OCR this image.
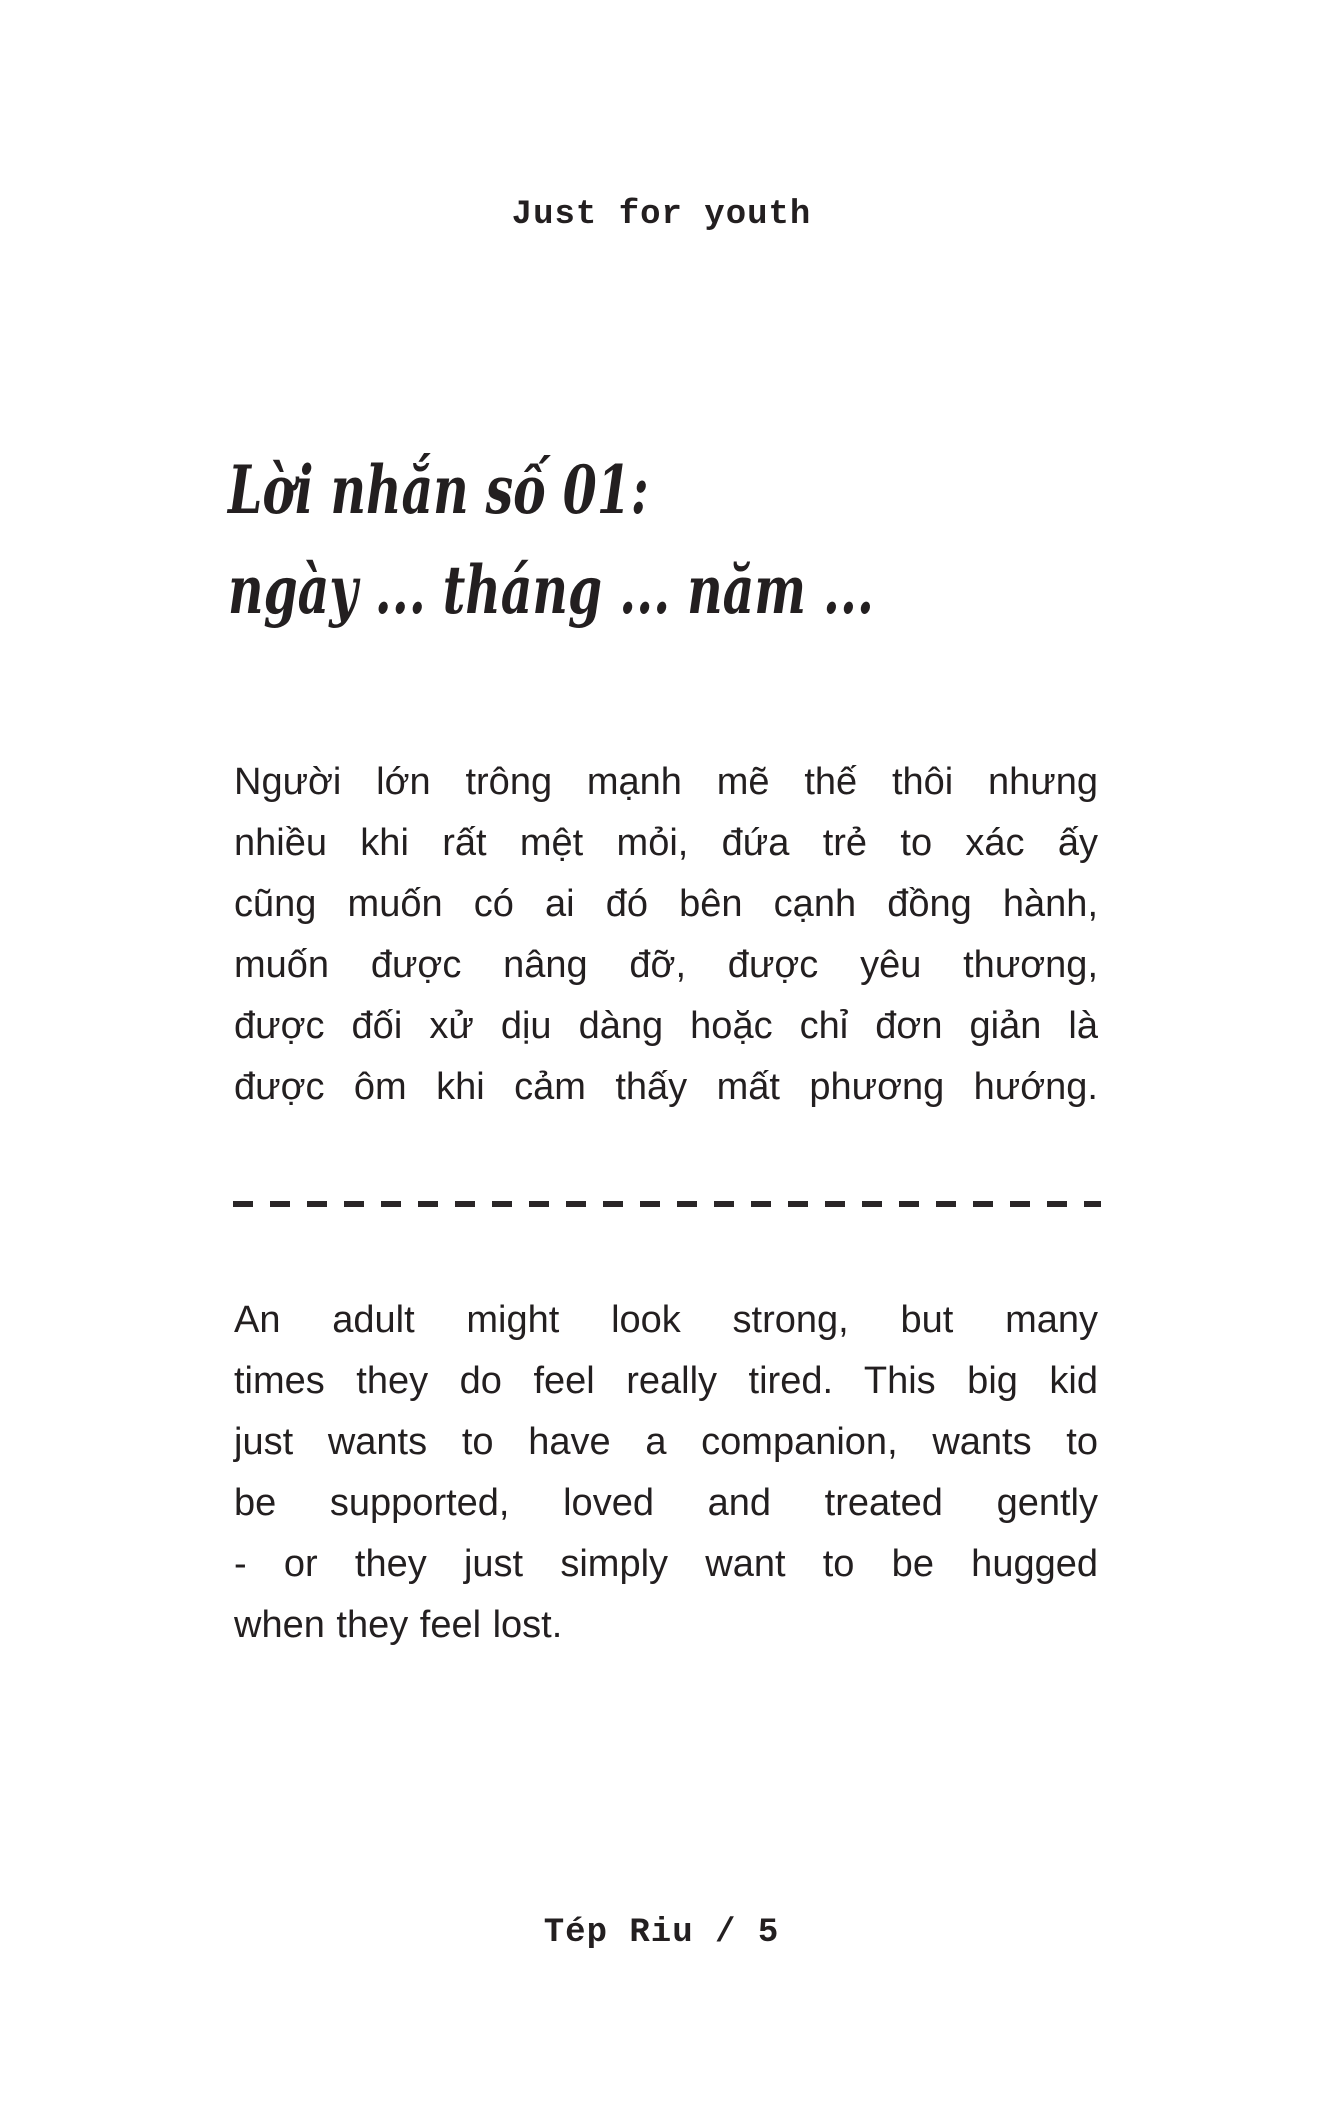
Just for youth
Lời nhắn số 01:
ngày ... tháng ... năm ...
Người lớn trông mạnh mẽ thế thôi nhưng
nhiều khi rất mệt mỏi, đứa trẻ to xác ấy
cũng muốn có ai đó bên cạnh đồng hành,
muốn được nâng đỡ, được yêu thương,
được đối xử dịu dàng hoặc chỉ đơn giản là
được ôm khi cảm thấy mất phương hướng.
An adult might look strong, but many
times they do feel really tired. This big kid
just wants to have a companion, wants to
be supported, loved and treated gently
- or they just simply want to be hugged
when they feel lost.
Tép Riu / 5
